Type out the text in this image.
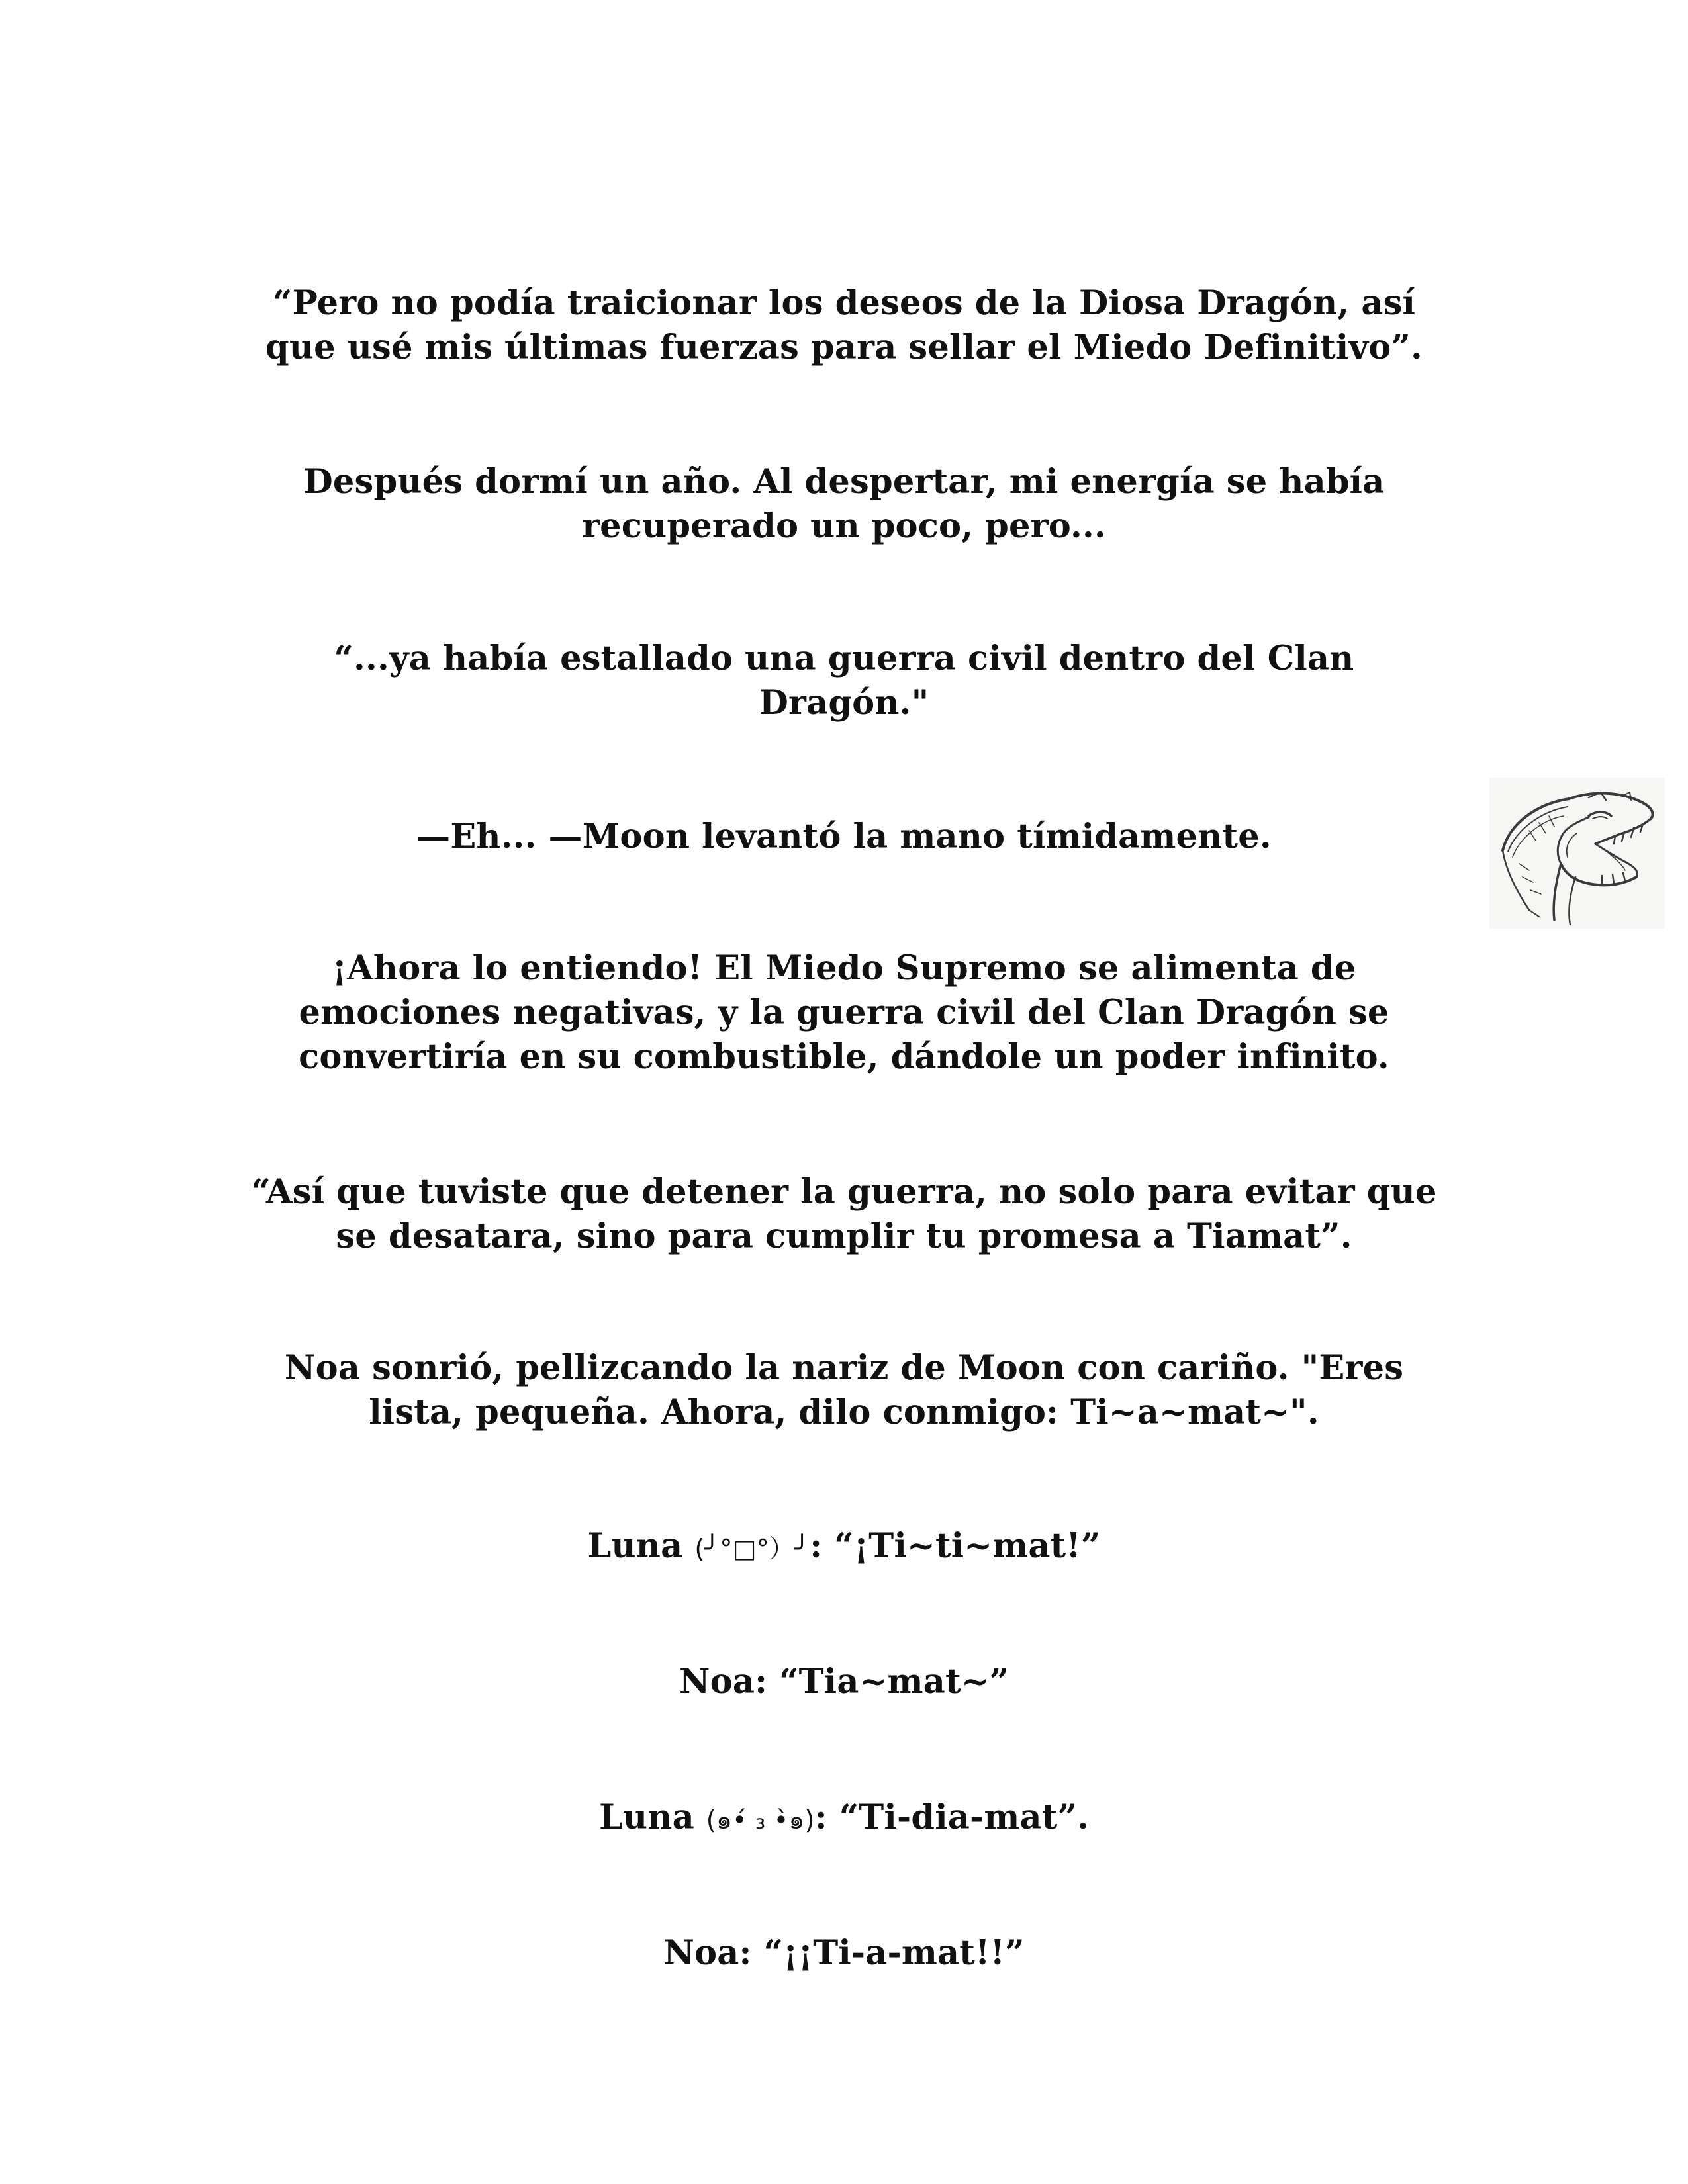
“Pero no podía traicionar los deseos de la Diosa Dragón, así
que usé mis últimas fuerzas para sellar el Miedo Definitivo”.
Después dormí un año. Al despertar, mi energía se había
recuperado un poco, pero...
“...ya había estallado una guerra civil dentro del Clan
Dragón."
—Eh... —Moon levantó la mano tímidamente.
¡Ahora lo entiendo! El Miedo Supremo se alimenta de
emociones negativas, y la guerra civil del Clan Dragón se
convertiría en su combustible, dándole un poder infinito.
“Así que tuviste que detener la guerra, no solo para evitar que
se desatara, sino para cumplir tu promesa a Tiamat”.
Noa sonrió, pellizcando la nariz de Moon con cariño. "Eres
lista, pequeña. Ahora, dilo conmigo: Ti~a~mat~".
Luna (╯°□°）╯: “¡Ti~ti~mat!”
Noa: “Tia~mat~”
Luna (๑•́ ₃ •̀๑): “Ti-dia-mat”.
Noa: “¡¡Ti-a-mat!!”
